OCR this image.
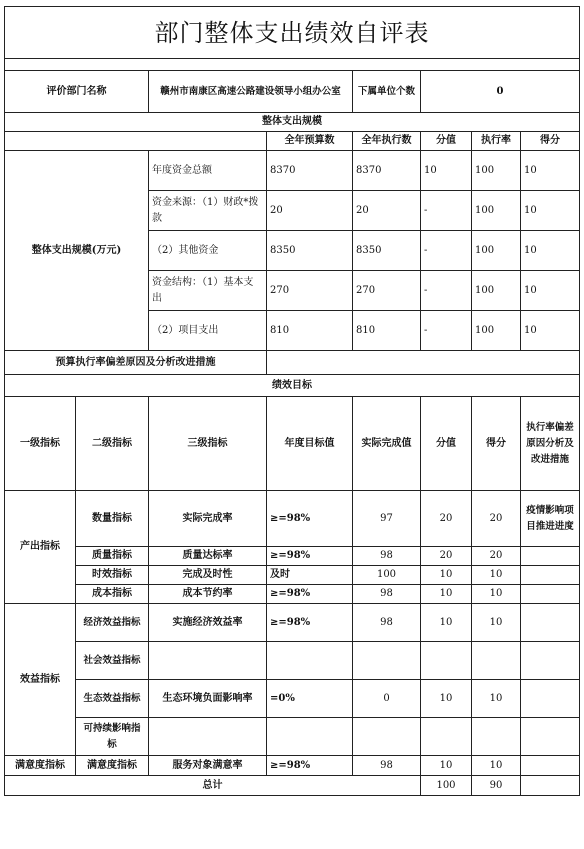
部门整体支出绩效自评表							

评价部门名称		赣州市南康区高速公路建设领导小组办公室		下属单位个数	0		
整体支出规模							
			全年预算数	全年执行数	分值	执行率	得分
整体支出规模(万元)		年度资金总额	8370	8370	10	100	10
		资金来源：（1）财政*拨款	20	20	-	100	10
		（2）其他资金	8350	8350	-	100	10
		资金结构：（1）基本支出	270	270	-	100	10
		（2）项目支出	810	810	-	100	10
预算执行率偏差原因及分析改进措施							
绩效目标							
一级指标	二级指标	三级指标	年度目标值	实际完成值	分值	得分	执行率偏差原因分析及改进措施
产出指标	数量指标	实际完成率	≥=98%	97	20	20	疫情影响项目推进进度
	质量指标	质量达标率	≥=98%	98	20	20	
	时效指标	完成及时性	及时	100	10	10	
	成本指标	成本节约率	≥=98%	98	10	10	
效益指标	经济效益指标	实施经济效益率	≥=98%	98	10	10	
	社会效益指标						
	生态效益指标	生态环境负面影响率	=0%	0	10	10	
	可持续影响指标						
满意度指标	满意度指标	服务对象满意率	≥=98%	98	10	10	
总计					100	90	
